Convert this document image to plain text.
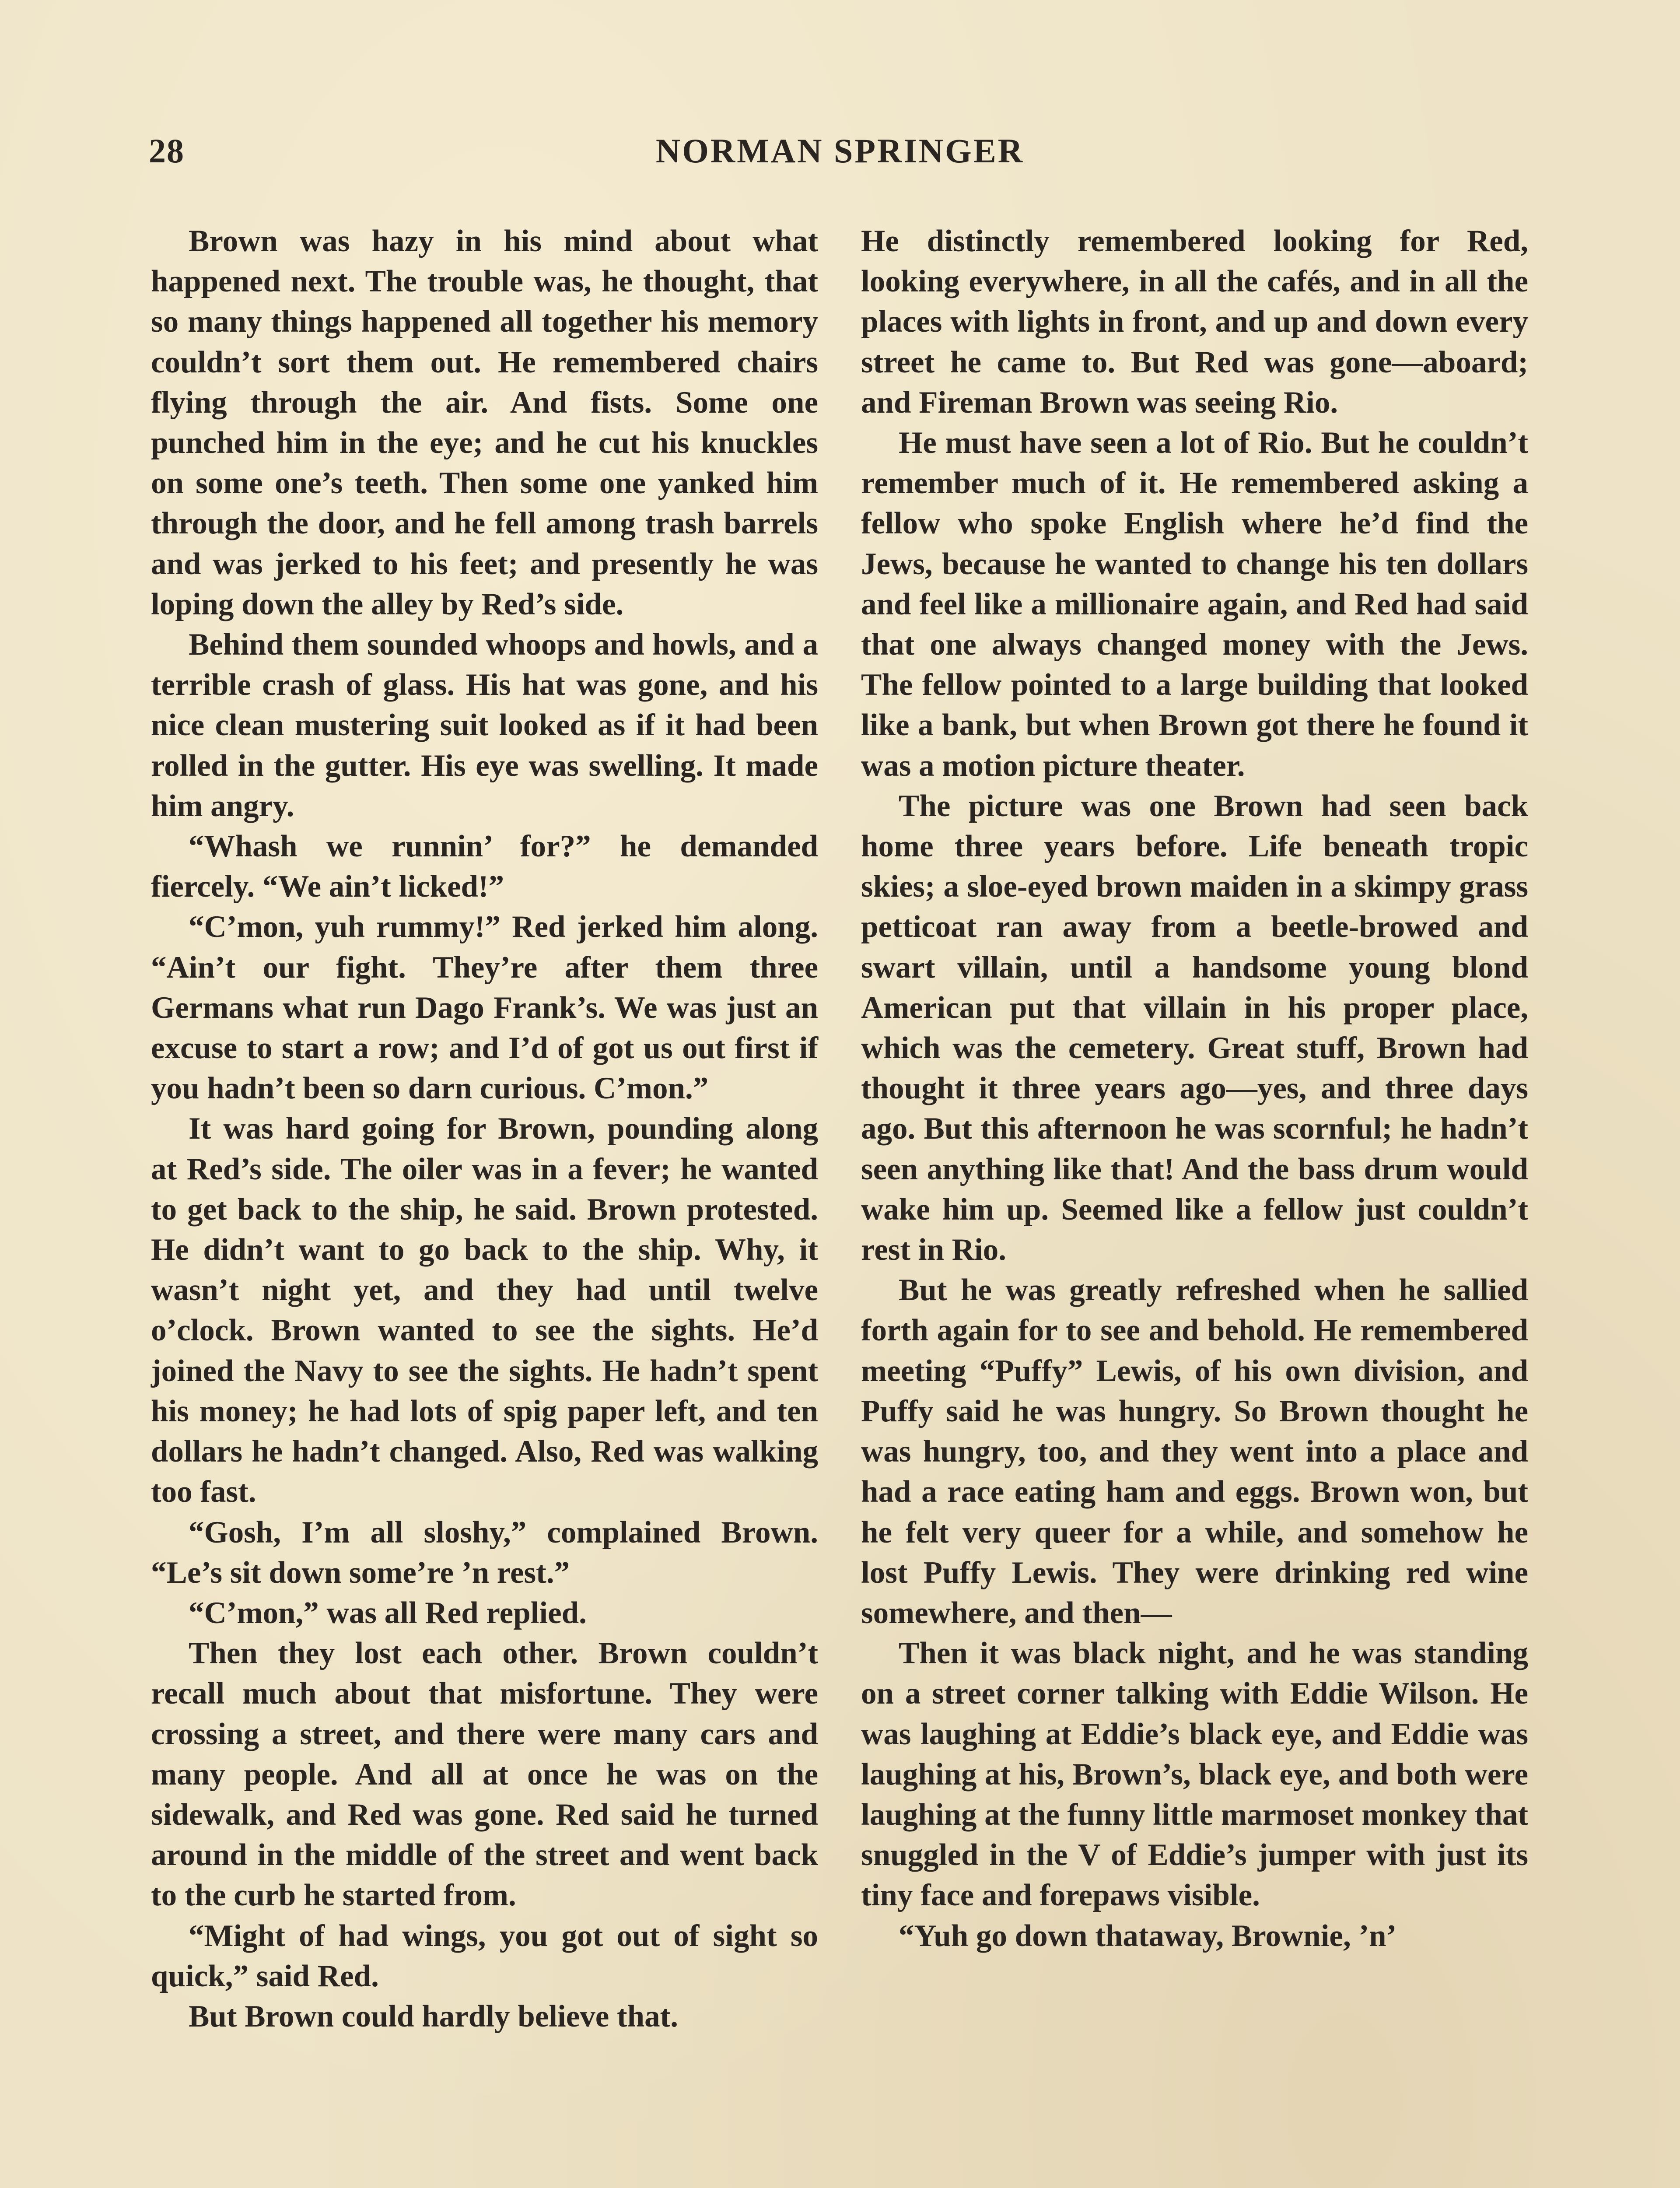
28	NORMAN SPRINGER

Brown was hazy in his mind about what happened next. The trouble was, he thought, that so many things happened all together his memory couldn’t sort them out. He remembered chairs flying through the air. And fists. Some one punched him in the eye; and he cut his knuckles on some one’s teeth. Then some one yanked him through the door, and he fell among trash barrels and was jerked to his feet; and presently he was loping down the alley by Red’s side.

Behind them sounded whoops and howls, and a terrible crash of glass. His hat was gone, and his nice clean mustering suit looked as if it had been rolled in the gutter. His eye was swelling. It made him angry.

“Whash we runnin’ for?” he demanded fiercely. “We ain’t licked!”

“C’mon, yuh rummy!” Red jerked him along. “Ain’t our fight. They’re after them three Germans what run Dago Frank’s. We was just an excuse to start a row; and I’d of got us out first if you hadn’t been so darn curious. C’mon.”

It was hard going for Brown, pounding along at Red’s side. The oiler was in a fever; he wanted to get back to the ship, he said. Brown protested. He didn’t want to go back to the ship. Why, it wasn’t night yet, and they had until twelve o’clock. Brown wanted to see the sights. He’d joined the Navy to see the sights. He hadn’t spent his money; he had lots of spig paper left, and ten dollars he hadn’t changed. Also, Red was walking too fast.

“Gosh, I’m all sloshy,” complained Brown. “Le’s sit down some’re ’n rest.”

“C’mon,” was all Red replied.

Then they lost each other. Brown couldn’t recall much about that misfortune. They were crossing a street, and there were many cars and many people. And all at once he was on the sidewalk, and Red was gone. Red said he turned around in the middle of the street and went back to the curb he started from.

“Might of had wings, you got out of sight so quick,” said Red.

But Brown could hardly believe that.

He distinctly remembered looking for Red, looking everywhere, in all the cafés, and in all the places with lights in front, and up and down every street he came to. But Red was gone—aboard; and Fireman Brown was seeing Rio.

He must have seen a lot of Rio. But he couldn’t remember much of it. He remembered asking a fellow who spoke English where he’d find the Jews, because he wanted to change his ten dollars and feel like a millionaire again, and Red had said that one always changed money with the Jews. The fellow pointed to a large building that looked like a bank, but when Brown got there he found it was a motion picture theater.

The picture was one Brown had seen back home three years before. Life beneath tropic skies; a sloe-eyed brown maiden in a skimpy grass petticoat ran away from a beetle-browed and swart villain, until a handsome young blond American put that villain in his proper place, which was the cemetery. Great stuff, Brown had thought it three years ago—yes, and three days ago. But this afternoon he was scornful; he hadn’t seen anything like that! And the bass drum would wake him up. Seemed like a fellow just couldn’t rest in Rio.

But he was greatly refreshed when he sallied forth again for to see and behold. He remembered meeting “Puffy” Lewis, of his own division, and Puffy said he was hungry. So Brown thought he was hungry, too, and they went into a place and had a race eating ham and eggs. Brown won, but he felt very queer for a while, and somehow he lost Puffy Lewis. They were drinking red wine somewhere, and then—

Then it was black night, and he was standing on a street corner talking with Eddie Wilson. He was laughing at Eddie’s black eye, and Eddie was laughing at his, Brown’s, black eye, and both were laughing at the funny little marmoset monkey that snuggled in the V of Eddie’s jumper with just its tiny face and forepaws visible.

“Yuh go down thataway, Brownie, ’n’
